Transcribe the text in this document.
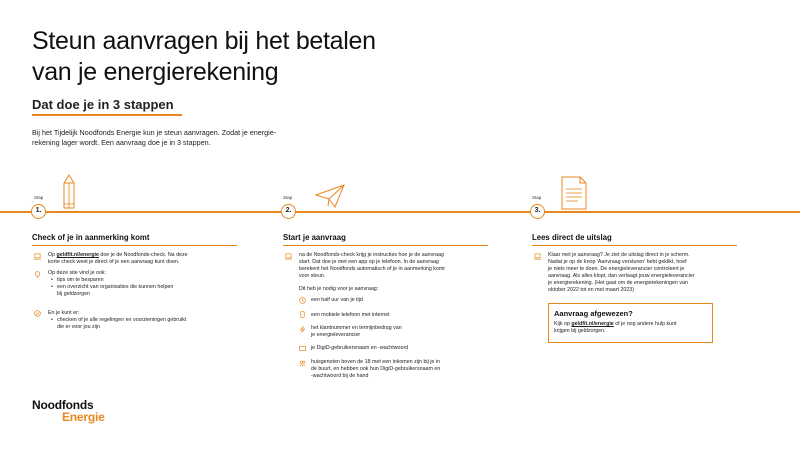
Steun aanvragen bij het betalen
van je energierekening
Dat doe je in 3 stappen
Bij het Tijdelijk Noodfonds Energie kun je steun aanvragen. Zodat je energie-
rekening lager wordt. Een aanvraag doe je in 3 stappen.
Stap
1.
Stap
2.
Stap
3.
Check of je in aanmerking komt	Start je aanvraag	Lees direct de uitslag
Op geldfit.nl/energie doe je de Noodfonds-check. Na deze
korte check weet je direct of je een aanvraag kunt doen.
Op deze site vind je ook:
• tips om te besparen
• een overzicht van organisaties die kunnen helpen
bij geldzorgen
En je kunt er:
• checken of je alle regelingen en voorzieningen gebruikt
die er voor jou zijn
na de Noodfonds-check krijg je instructies hoe je de aanvraag
start. Dat doe je met een app op je telefoon. In de aanvraag
berekent het Noodfonds automatisch of je in aanmerking komt
voor steun.
Dit heb je nodig voor je aanvraag:
een half uur van je tijd
een mobiele telefoon met internet
het klantnummer en termijnbedrag van
je energieleverancier
je DigiD-gebruikersnaam en -wachtwoord
huisgenoten boven de 18 met een inkomen zijn bij je in
de buurt, en hebben ook hun DigiD-gebruikersnaam en
-wachtwoord bij de hand
Klaar met je aanvraag? Je ziet de uitslag direct in je scherm.
Nadat je op de knop 'Aanvraag versturen' hebt geklikt, hoef
je niets meer te doen. De energieleverancier controleert je
aanvraag. Als alles klopt, dan verlaagt jouw energieleverancier
je energierekening. (Het gaat om de energierekeningen van
oktober 2022 tot en met maart 2023)
Aanvraag afgewezen?
Kijk op geldfit.nl/energie of je nog andere hulp kunt
krijgen bij geldzorgen.
Noodfonds
Energie
